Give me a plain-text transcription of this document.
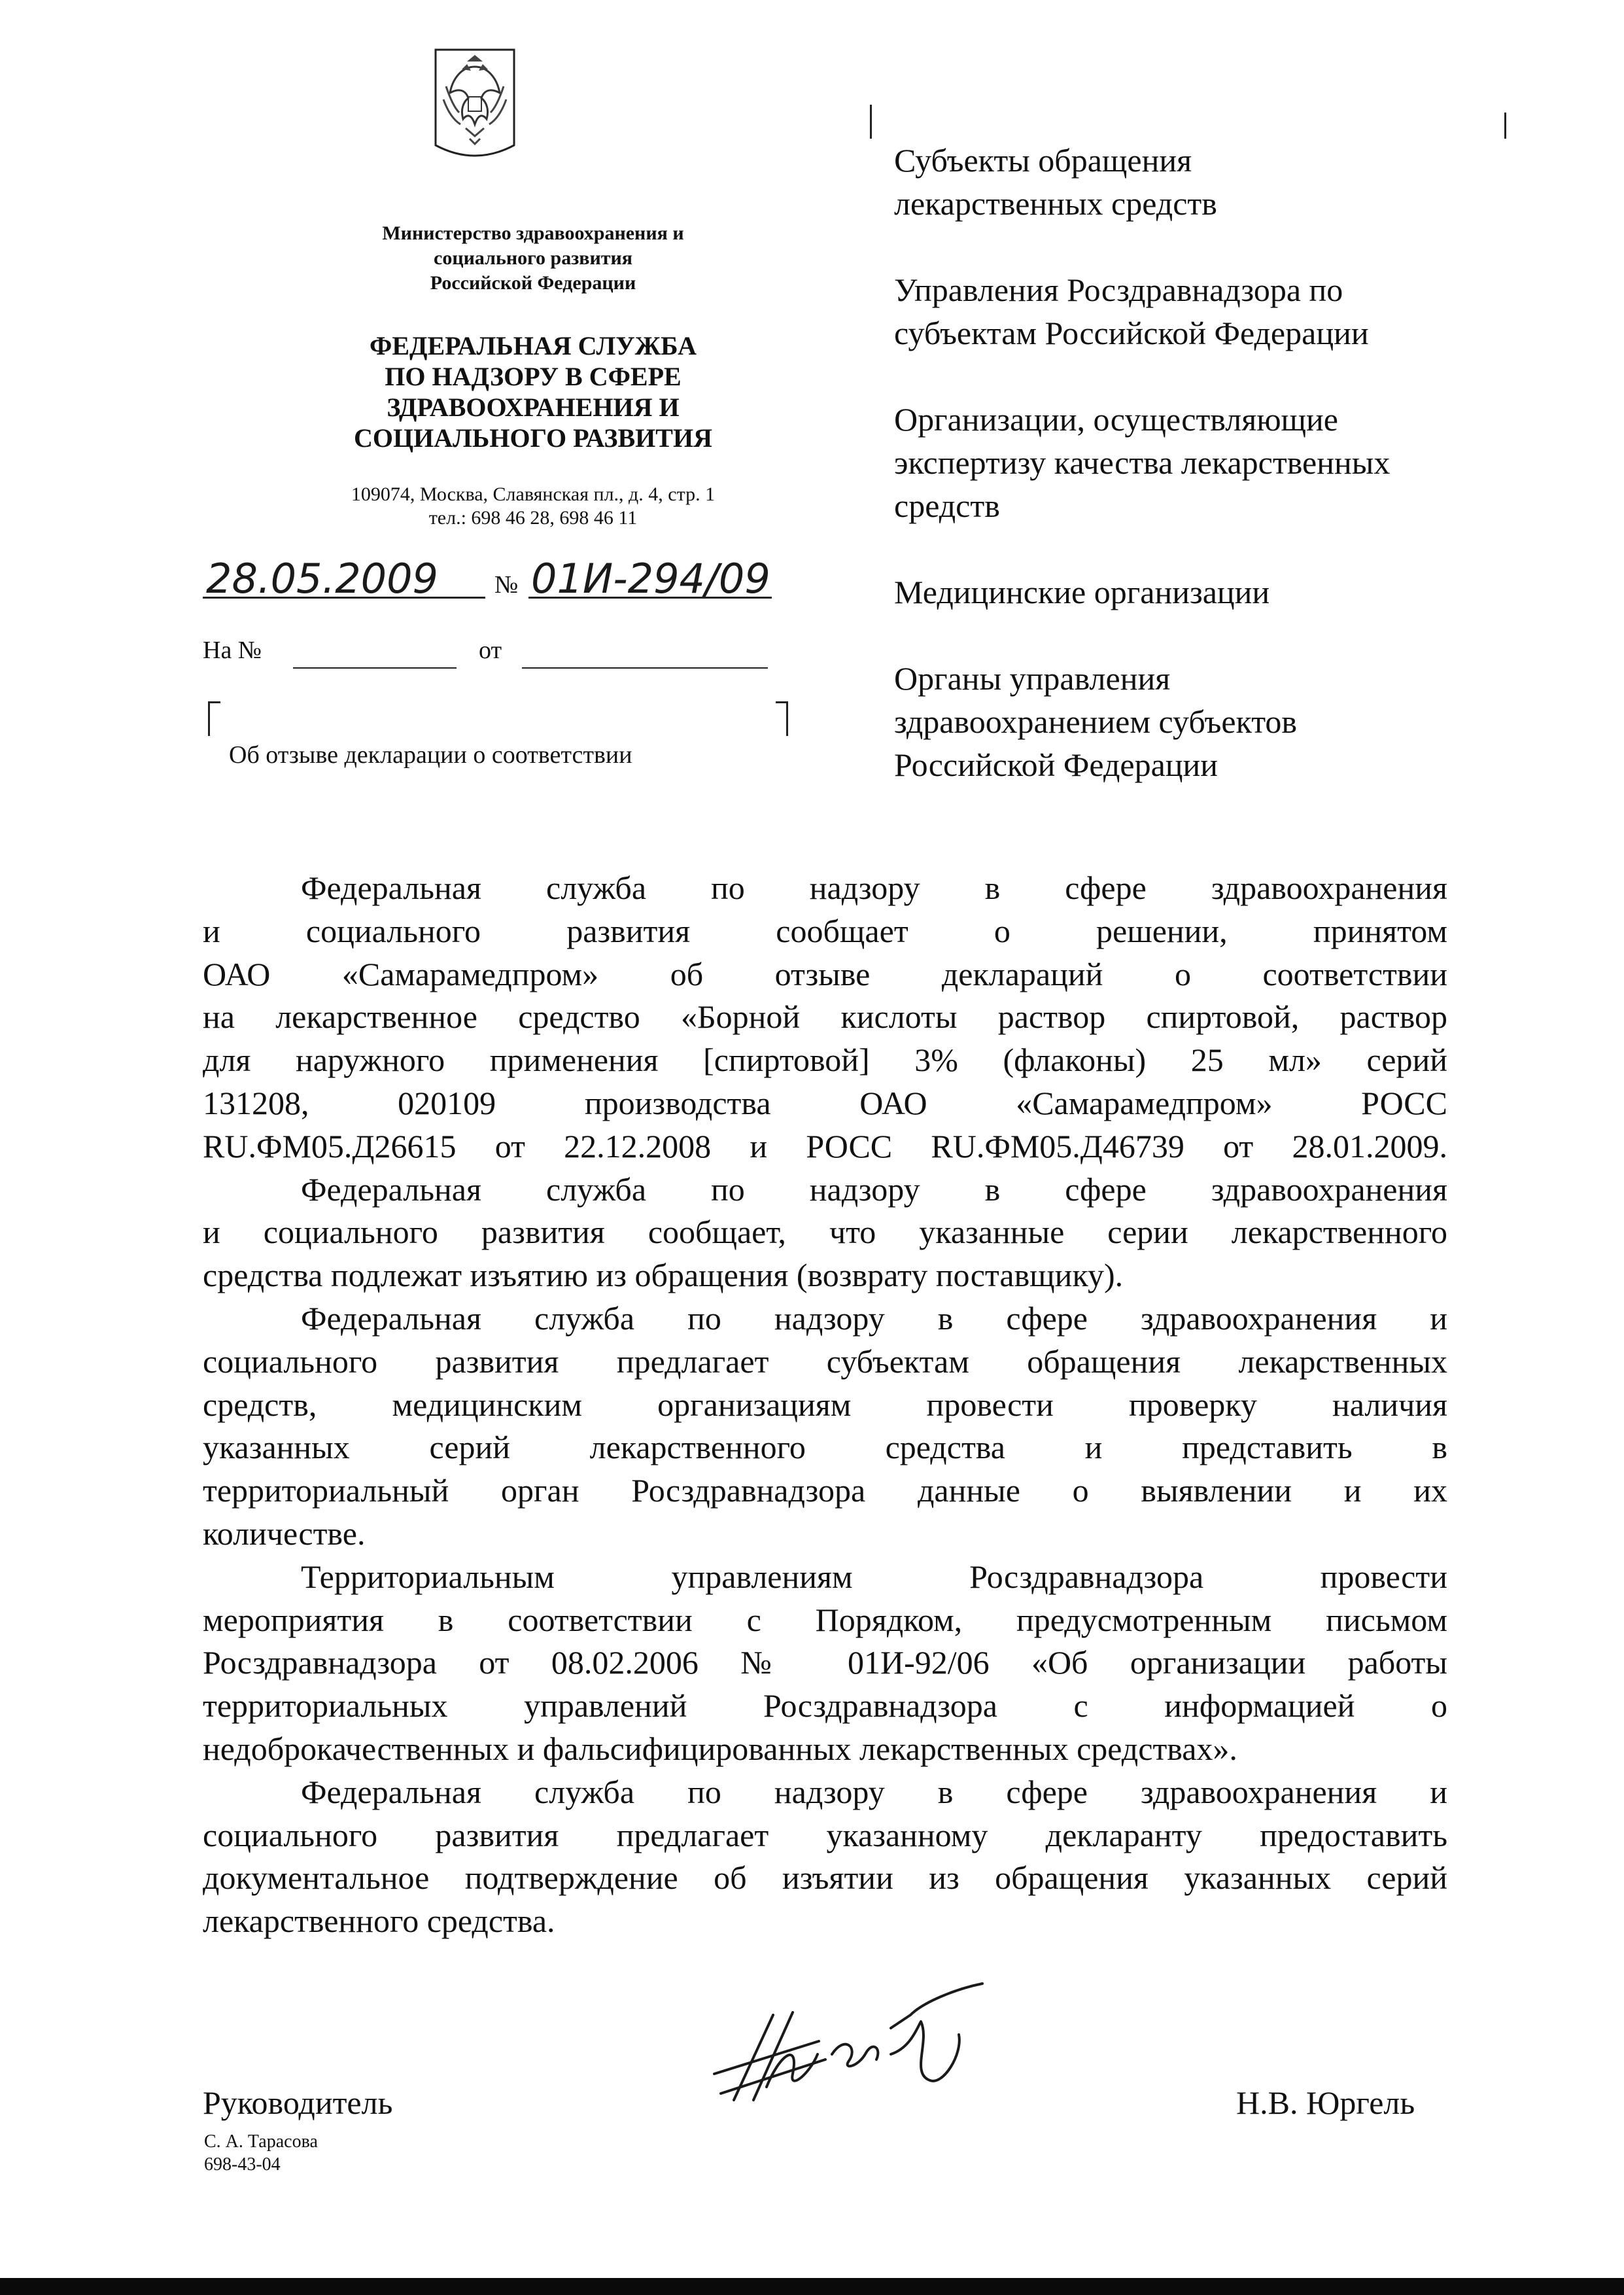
Министерство здравоохранения и
социального развития
Российской Федерации
ФЕДЕРАЛЬНАЯ СЛУЖБА
ПО НАДЗОРУ В СФЕРЕ
ЗДРАВООХРАНЕНИЯ И
СОЦИАЛЬНОГО РАЗВИТИЯ
109074, Москва, Славянская пл., д. 4, стр. 1
тел.: 698 46 28, 698 46 11
28.05.2009 № 01И-294/09
На №	от
Об отзыве декларации о соответствии
Субъекты обращения
лекарственных средств
Управления Росздравнадзора по
субъектам Российской Федерации
Организации, осуществляющие
экспертизу качества лекарственных
средств
Медицинские организации
Органы управления
здравоохранением субъектов
Российской Федерации
Федеральная служба по надзору в сфере здравоохранения
и социального развития сообщает о решении, принятом
ОАО «Самарамедпром» об отзыве деклараций о соответствии
на лекарственное средство «Борной кислоты раствор спиртовой, раствор
для наружного применения [спиртовой] 3% (флаконы) 25 мл» серий
131208, 020109 производства ОАО «Самарамедпром» РОСС
RU.ФМ05.Д26615 от 22.12.2008 и РОСС RU.ФМ05.Д46739 от 28.01.2009.
Федеральная служба по надзору в сфере здравоохранения
и социального развития сообщает, что указанные серии лекарственного
средства подлежат изъятию из обращения (возврату поставщику).
Федеральная служба по надзору в сфере здравоохранения и
социального развития предлагает субъектам обращения лекарственных
средств, медицинским организациям провести проверку наличия
указанных серий лекарственного средства и представить в
территориальный орган Росздравнадзора данные о выявлении и их
количестве.
Территориальным управлениям Росздравнадзора провести
мероприятия в соответствии с Порядком, предусмотренным письмом
Росздравнадзора от 08.02.2006 № 01И-92/06 «Об организации работы
территориальных управлений Росздравнадзора с информацией о
недоброкачественных и фальсифицированных лекарственных средствах».
Федеральная служба по надзору в сфере здравоохранения и
социального развития предлагает указанному декларанту предоставить
документальное подтверждение об изъятии из обращения указанных серий
лекарственного средства.
Руководитель	Н.В. Юргель
С. А. Тарасова
698-43-04
